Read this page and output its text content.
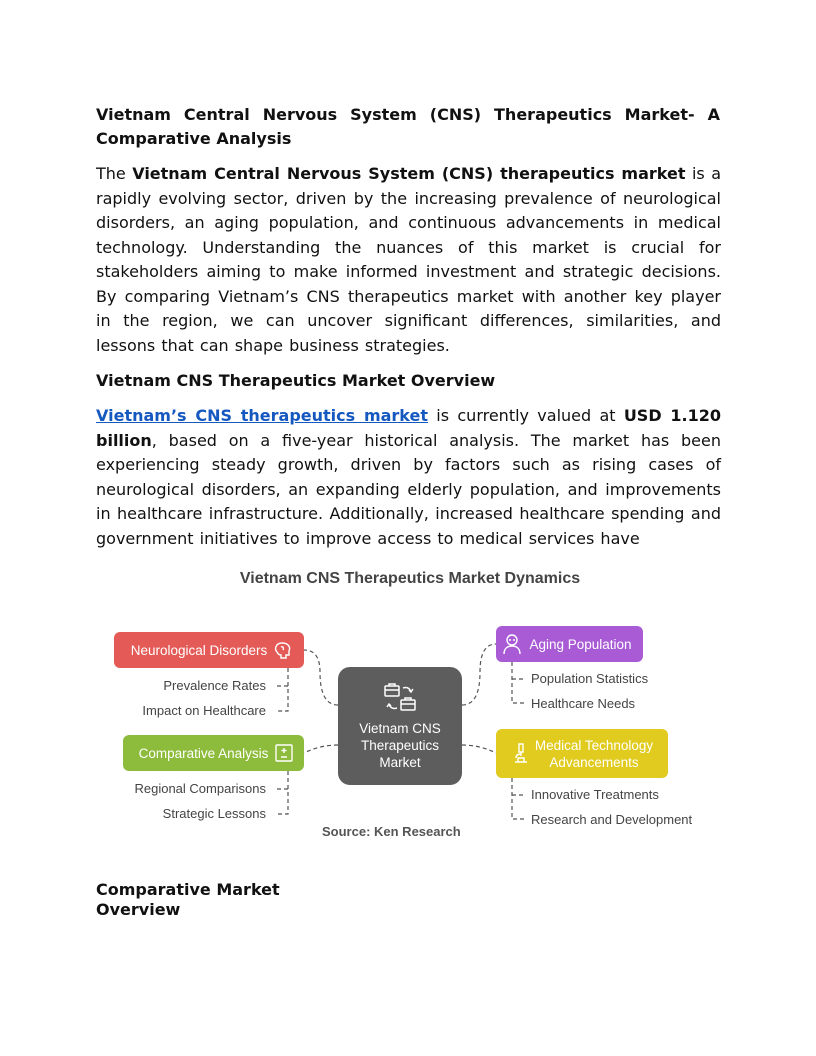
Vietnam Central Nervous System (CNS) Therapeutics Market- A Comparative Analysis

The Vietnam Central Nervous System (CNS) therapeutics market is a rapidly evolving sector, driven by the increasing prevalence of neurological disorders, an aging population, and continuous advancements in medical technology. Understanding the nuances of this market is crucial for stakeholders aiming to make informed investment and strategic decisions. By comparing Vietnam’s CNS therapeutics market with another key player in the region, we can uncover significant differences, similarities, and lessons that can shape business strategies.

Vietnam CNS Therapeutics Market Overview

Vietnam’s CNS therapeutics market is currently valued at USD 1.120 billion, based on a five-year historical analysis. The market has been experiencing steady growth, driven by factors such as rising cases of neurological disorders, an expanding elderly population, and improvements in healthcare infrastructure. Additionally, increased healthcare spending and government initiatives to improve access to medical services have

Vietnam CNS Therapeutics Market Dynamics
Neurological Disorders
Prevalence Rates
Impact on Healthcare
Comparative Analysis
Regional Comparisons
Strategic Lessons
Vietnam CNS
Therapeutics
Market
Aging Population
Population Statistics
Healthcare Needs
Medical Technology
Advancements
Innovative Treatments
Research and Development
Source: Ken Research
Comparative Market Overview
